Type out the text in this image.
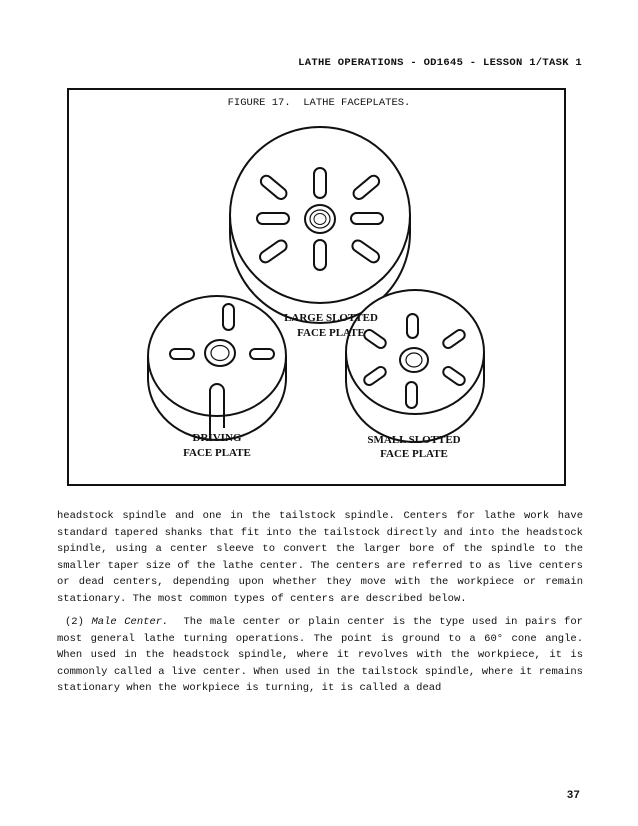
LATHE OPERATIONS - OD1645 - LESSON 1/TASK 1
FIGURE 17.  LATHE FACEPLATES.
LARGE SLOTTED
FACE PLATE
DRIVING
FACE PLATE
SMALL SLOTTED
FACE PLATE

headstock spindle and one in the tailstock spindle. Centers for lathe work have standard tapered shanks that fit into the tailstock directly and into the headstock spindle, using a center sleeve to convert the larger bore of the spindle to the smaller taper size of the lathe center. The centers are referred to as live centers or dead centers, depending upon whether they move with the workpiece or remain stationary. The most common types of centers are described below.

(2) Male Center. The male center or plain center is the type used in pairs for most general lathe turning operations. The point is ground to a 60° cone angle. When used in the headstock spindle, where it revolves with the workpiece, it is commonly called a live center. When used in the tailstock spindle, where it remains stationary when the workpiece is turning, it is called a dead

37
